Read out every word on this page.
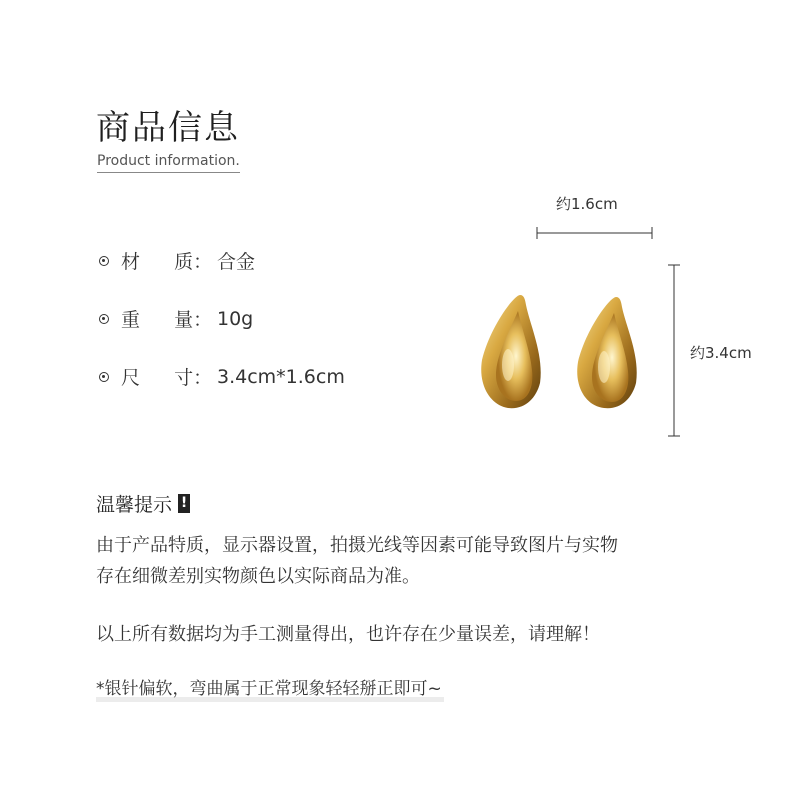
商品信息
Product information.
材 质： 合金
重 量： 10g
尺 寸： 3.4cm*1.6cm
约1.6cm
约3.4cm
温馨提示 !
由于产品特质，显示器设置，拍摄光线等因素可能导致图片与实物
存在细微差别实物颜色以实际商品为准。
以上所有数据均为手工测量得出，也许存在少量误差，请理解！
*银针偏软，弯曲属于正常现象轻轻掰正即可~
